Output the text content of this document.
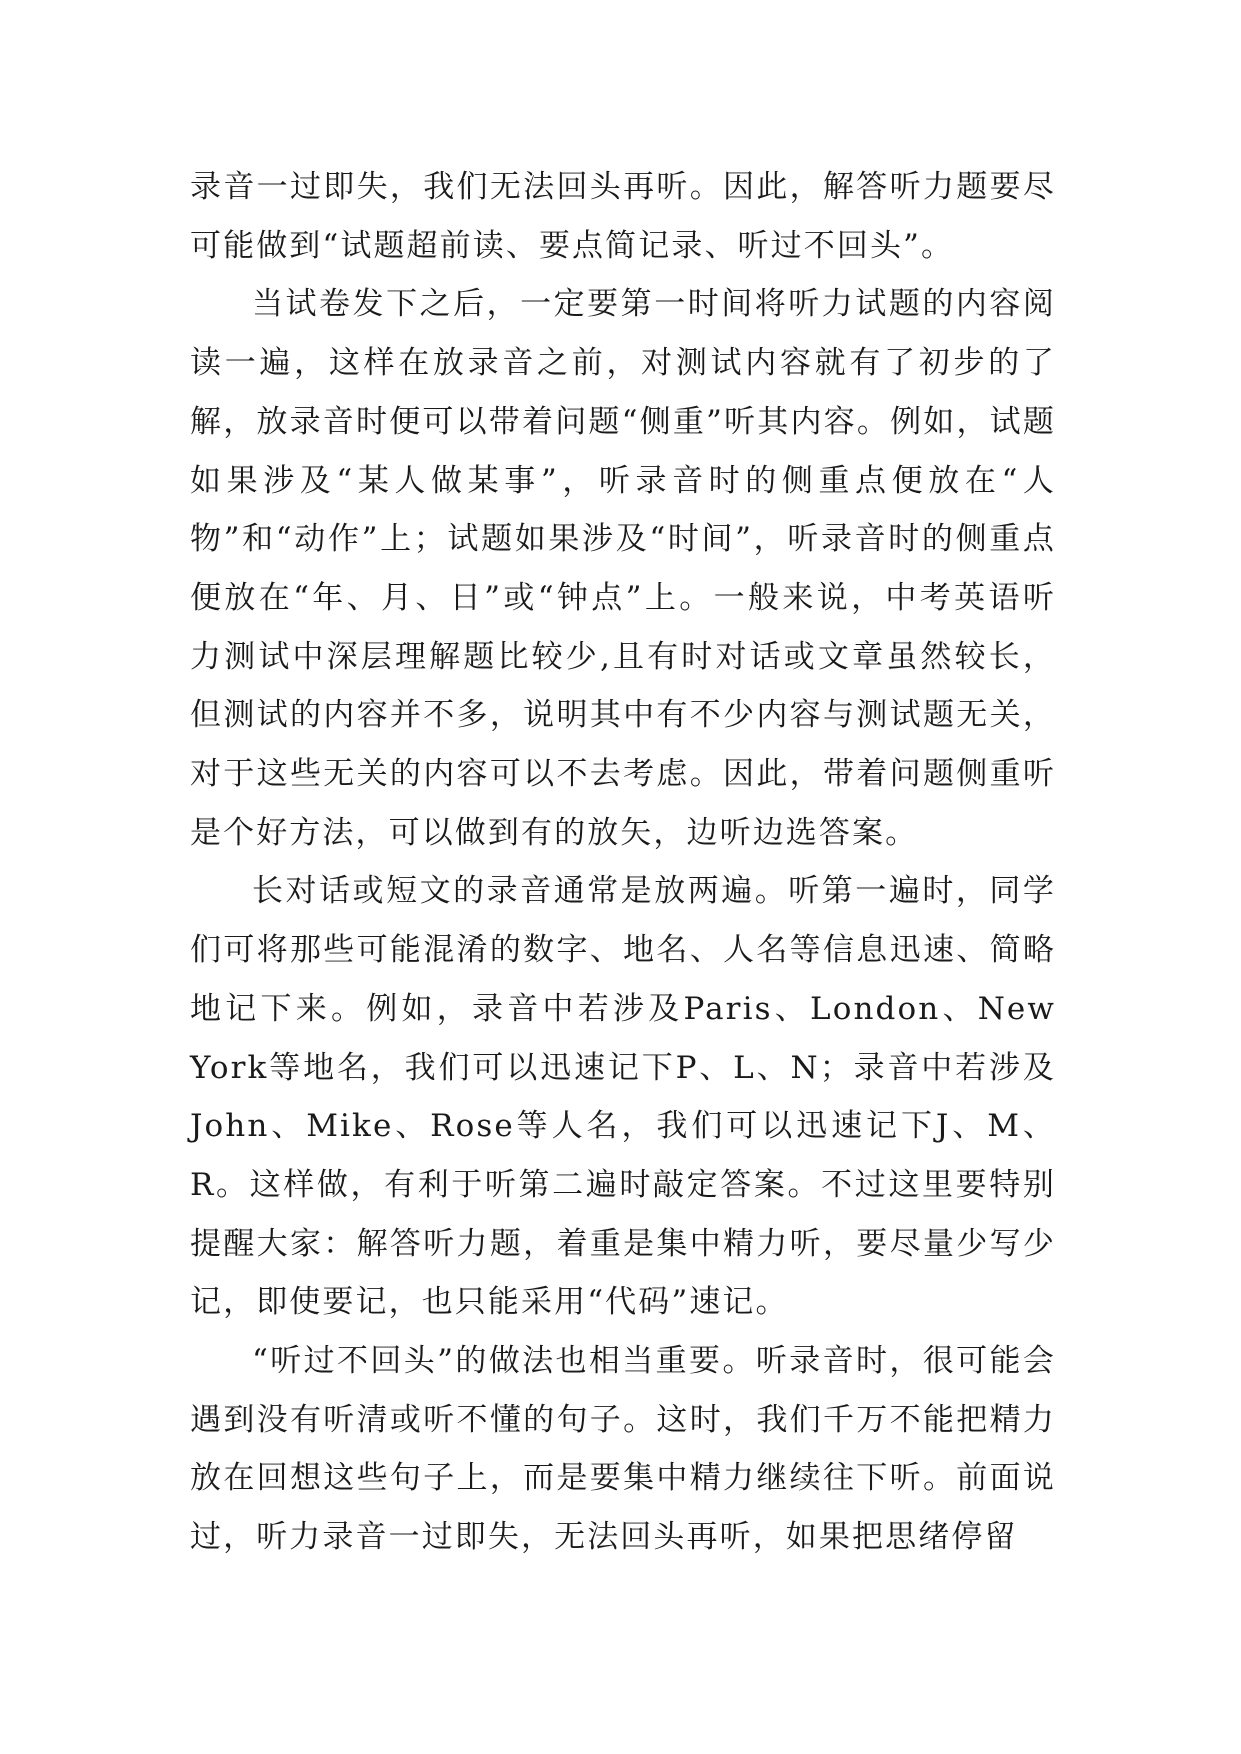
录音一过即失，我们无法回头再听。因此，解答听力题要尽可能做到“试题超前读、要点简记录、听过不回头”。

当试卷发下之后，一定要第一时间将听力试题的内容阅读一遍，这样在放录音之前，对测试内容就有了初步的了解，放录音时便可以带着问题“侧重”听其内容。例如，试题如果涉及“某人做某事”，听录音时的侧重点便放在“人物”和“动作”上；试题如果涉及“时间”，听录音时的侧重点便放在“年、月、日”或“钟点”上。一般来说，中考英语听力测试中深层理解题比较少,且有时对话或文章虽然较长，但测试的内容并不多，说明其中有不少内容与测试题无关，对于这些无关的内容可以不去考虑。因此，带着问题侧重听是个好方法，可以做到有的放矢，边听边选答案。

长对话或短文的录音通常是放两遍。听第一遍时，同学们可将那些可能混淆的数字、地名、人名等信息迅速、简略地记下来。例如，录音中若涉及Paris、London、New York等地名，我们可以迅速记下P、L、N；录音中若涉及John、Mike、Rose等人名，我们可以迅速记下J、M、R。这样做，有利于听第二遍时敲定答案。不过这里要特别提醒大家：解答听力题，着重是集中精力听，要尽量少写少记，即使要记，也只能采用“代码”速记。

“听过不回头”的做法也相当重要。听录音时，很可能会遇到没有听清或听不懂的句子。这时，我们千万不能把精力放在回想这些句子上，而是要集中精力继续往下听。前面说过，听力录音一过即失，无法回头再听，如果把思绪停留
